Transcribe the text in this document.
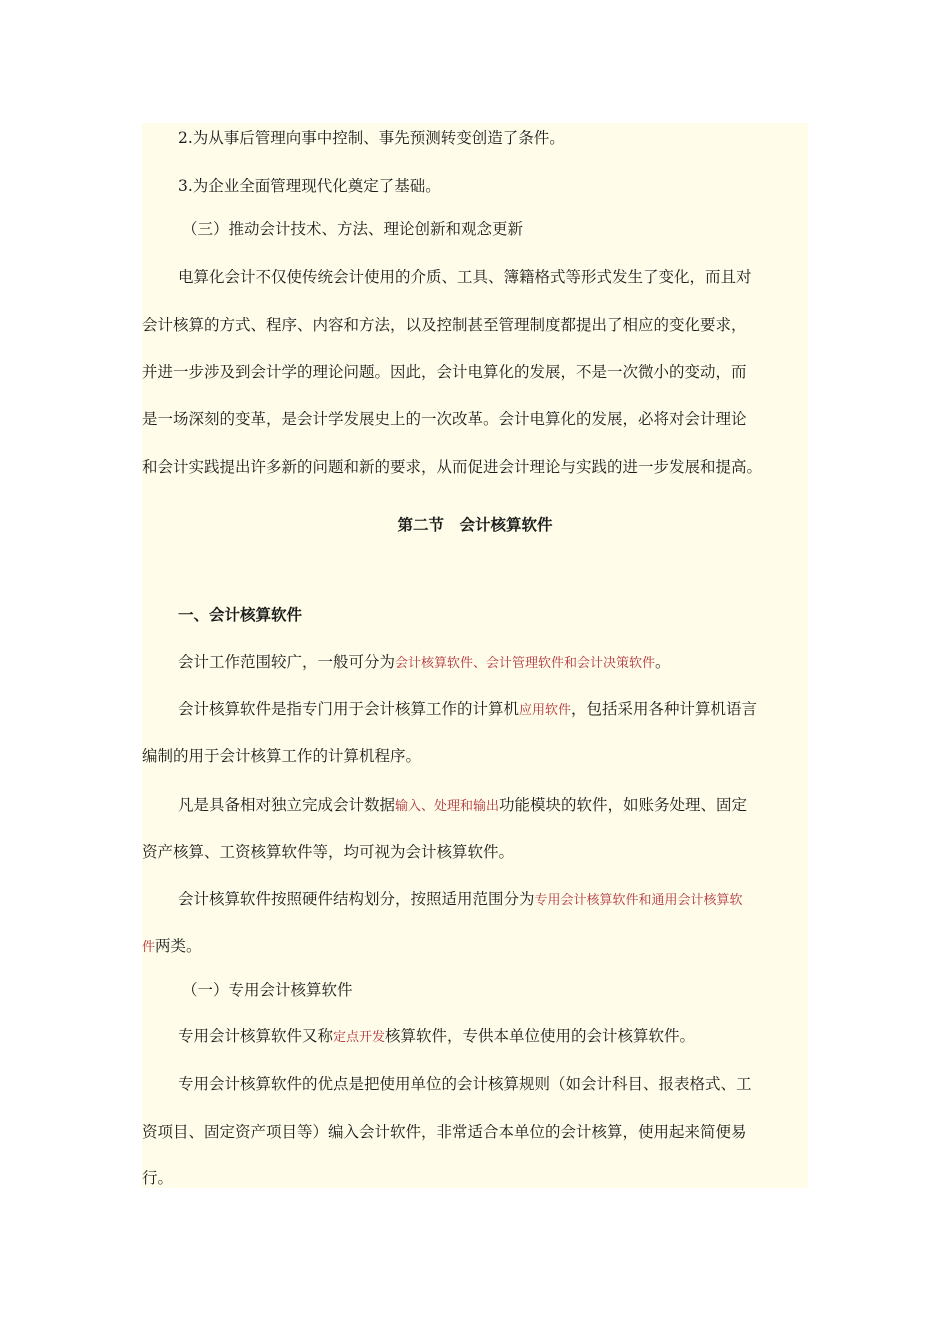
2.为从事后管理向事中控制、事先预测转变创造了条件。

3.为企业全面管理现代化奠定了基础。

（三）推动会计技术、方法、理论创新和观念更新

电算化会计不仅使传统会计使用的介质、工具、簿籍格式等形式发生了变化，而且对

会计核算的方式、程序、内容和方法，以及控制甚至管理制度都提出了相应的变化要求，

并进一步涉及到会计学的理论问题。因此，会计电算化的发展，不是一次微小的变动，而

是一场深刻的变革，是会计学发展史上的一次改革。会计电算化的发展，必将对会计理论

和会计实践提出许多新的问题和新的要求，从而促进会计理论与实践的进一步发展和提高。

第二节　会计核算软件

一、会计核算软件

会计工作范围较广，一般可分为会计核算软件、会计管理软件和会计决策软件。

会计核算软件是指专门用于会计核算工作的计算机应用软件，包括采用各种计算机语言

编制的用于会计核算工作的计算机程序。

凡是具备相对独立完成会计数据输入、处理和输出功能模块的软件，如账务处理、固定

资产核算、工资核算软件等，均可视为会计核算软件。

会计核算软件按照硬件结构划分，按照适用范围分为专用会计核算软件和通用会计核算软

件两类。

（一）专用会计核算软件

专用会计核算软件又称定点开发核算软件，专供本单位使用的会计核算软件。

专用会计核算软件的优点是把使用单位的会计核算规则（如会计科目、报表格式、工

资项目、固定资产项目等）编入会计软件，非常适合本单位的会计核算，使用起来简便易

行。
